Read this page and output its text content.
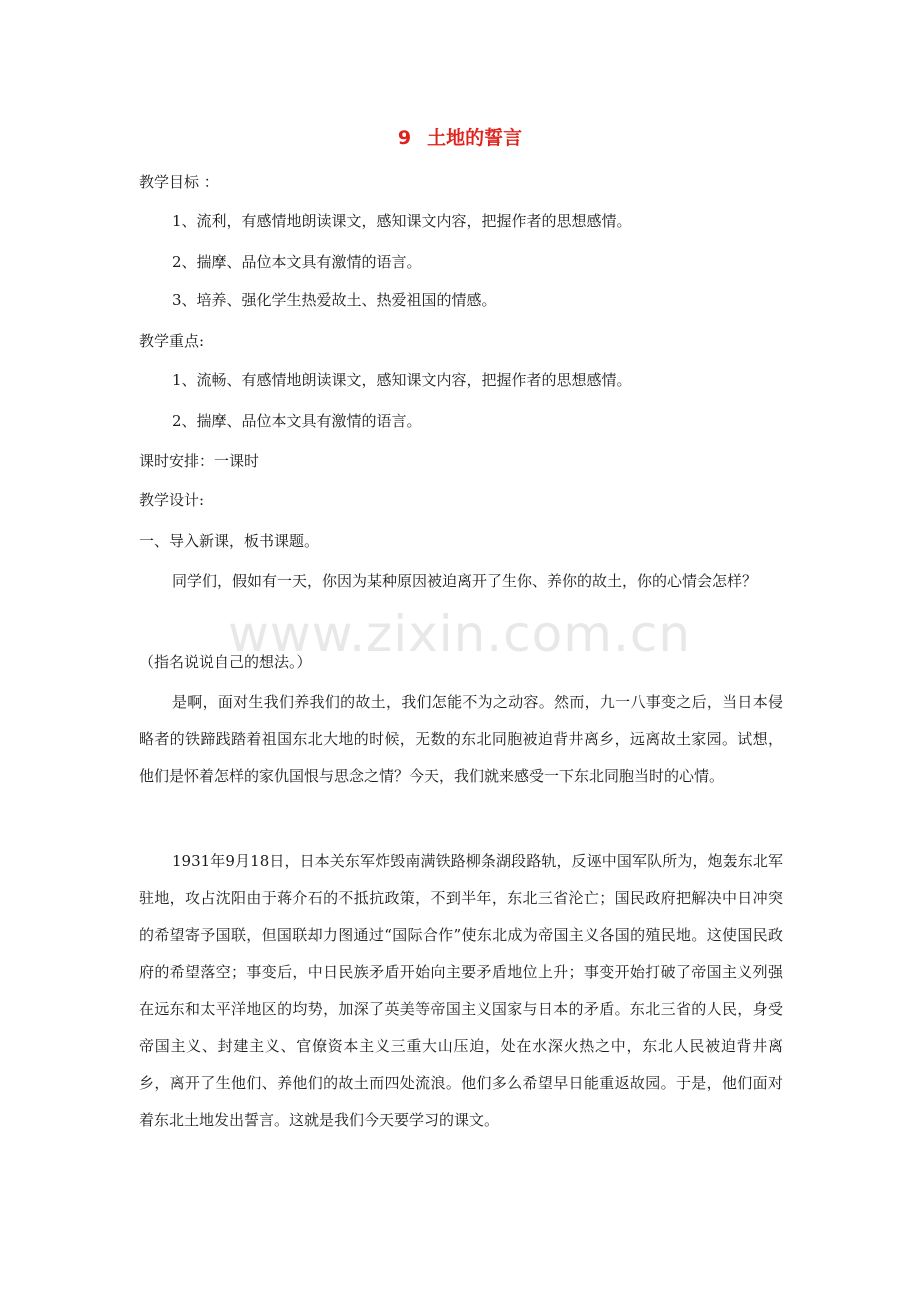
9 土地的誓言
教学目标 ：
1、流利，有感情地朗读课文，感知课文内容，把握作者的思想感情。
2、揣摩、品位本文具有激情的语言。
3、培养、强化学生热爱故土、热爱祖国的情感。
教学重点:
1、流畅、有感情地朗读课文，感知课文内容，把握作者的思想感情。
2、揣摩、品位本文具有激情的语言。
课时安排：一课时
教学设计:
一、导入新课，板书课题。
同学们，假如有一天，你因为某种原因被迫离开了生你、养你的故土，你的心情会怎样？
（指名说说自己的想法。）
是啊，面对生我们养我们的故土，我们怎能不为之动容。然而，九一八事变之后，当日本侵略者的铁蹄践踏着祖国东北大地的时候，无数的东北同胞被迫背井离乡，远离故土家园。试想，他们是怀着怎样的家仇国恨与思念之情？今天，我们就来感受一下东北同胞当时的心情。
1931年9月18日，日本关东军炸毁南满铁路柳条湖段路轨，反诬中国军队所为，炮轰东北军驻地，攻占沈阳由于蒋介石的不抵抗政策，不到半年，东北三省沦亡；国民政府把解决中日冲突的希望寄予国联，但国联却力图通过“国际合作”使东北成为帝国主义各国的殖民地。这使国民政府的希望落空；事变后，中日民族矛盾开始向主要矛盾地位上升；事变开始打破了帝国主义列强在远东和太平洋地区的均势，加深了英美等帝国主义国家与日本的矛盾。东北三省的人民，身受帝国主义、封建主义、官僚资本主义三重大山压迫，处在水深火热之中，东北人民被迫背井离乡，离开了生他们、养他们的故土而四处流浪。他们多么希望早日能重返故园。于是，他们面对着东北土地发出誓言。这就是我们今天要学习的课文。
www.zixin.com.cn
